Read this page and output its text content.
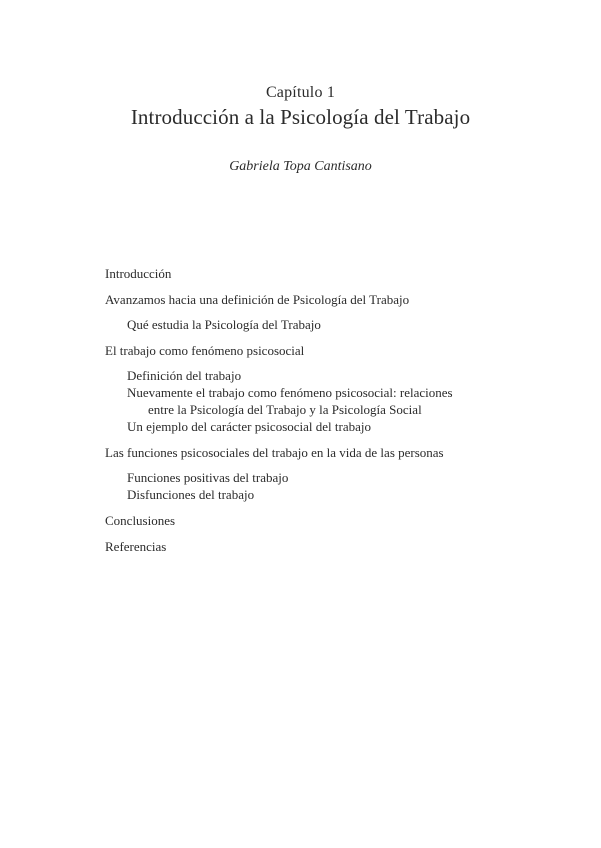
Capítulo 1
Introducción a la Psicología del Trabajo
Gabriela Topa Cantisano
Introducción
Avanzamos hacia una definición de Psicología del Trabajo
Qué estudia la Psicología del Trabajo
El trabajo como fenómeno psicosocial
Definición del trabajo
Nuevamente el trabajo como fenómeno psicosocial: relaciones
entre la Psicología del Trabajo y la Psicología Social
Un ejemplo del carácter psicosocial del trabajo
Las funciones psicosociales del trabajo en la vida de las personas
Funciones positivas del trabajo
Disfunciones del trabajo
Conclusiones
Referencias
